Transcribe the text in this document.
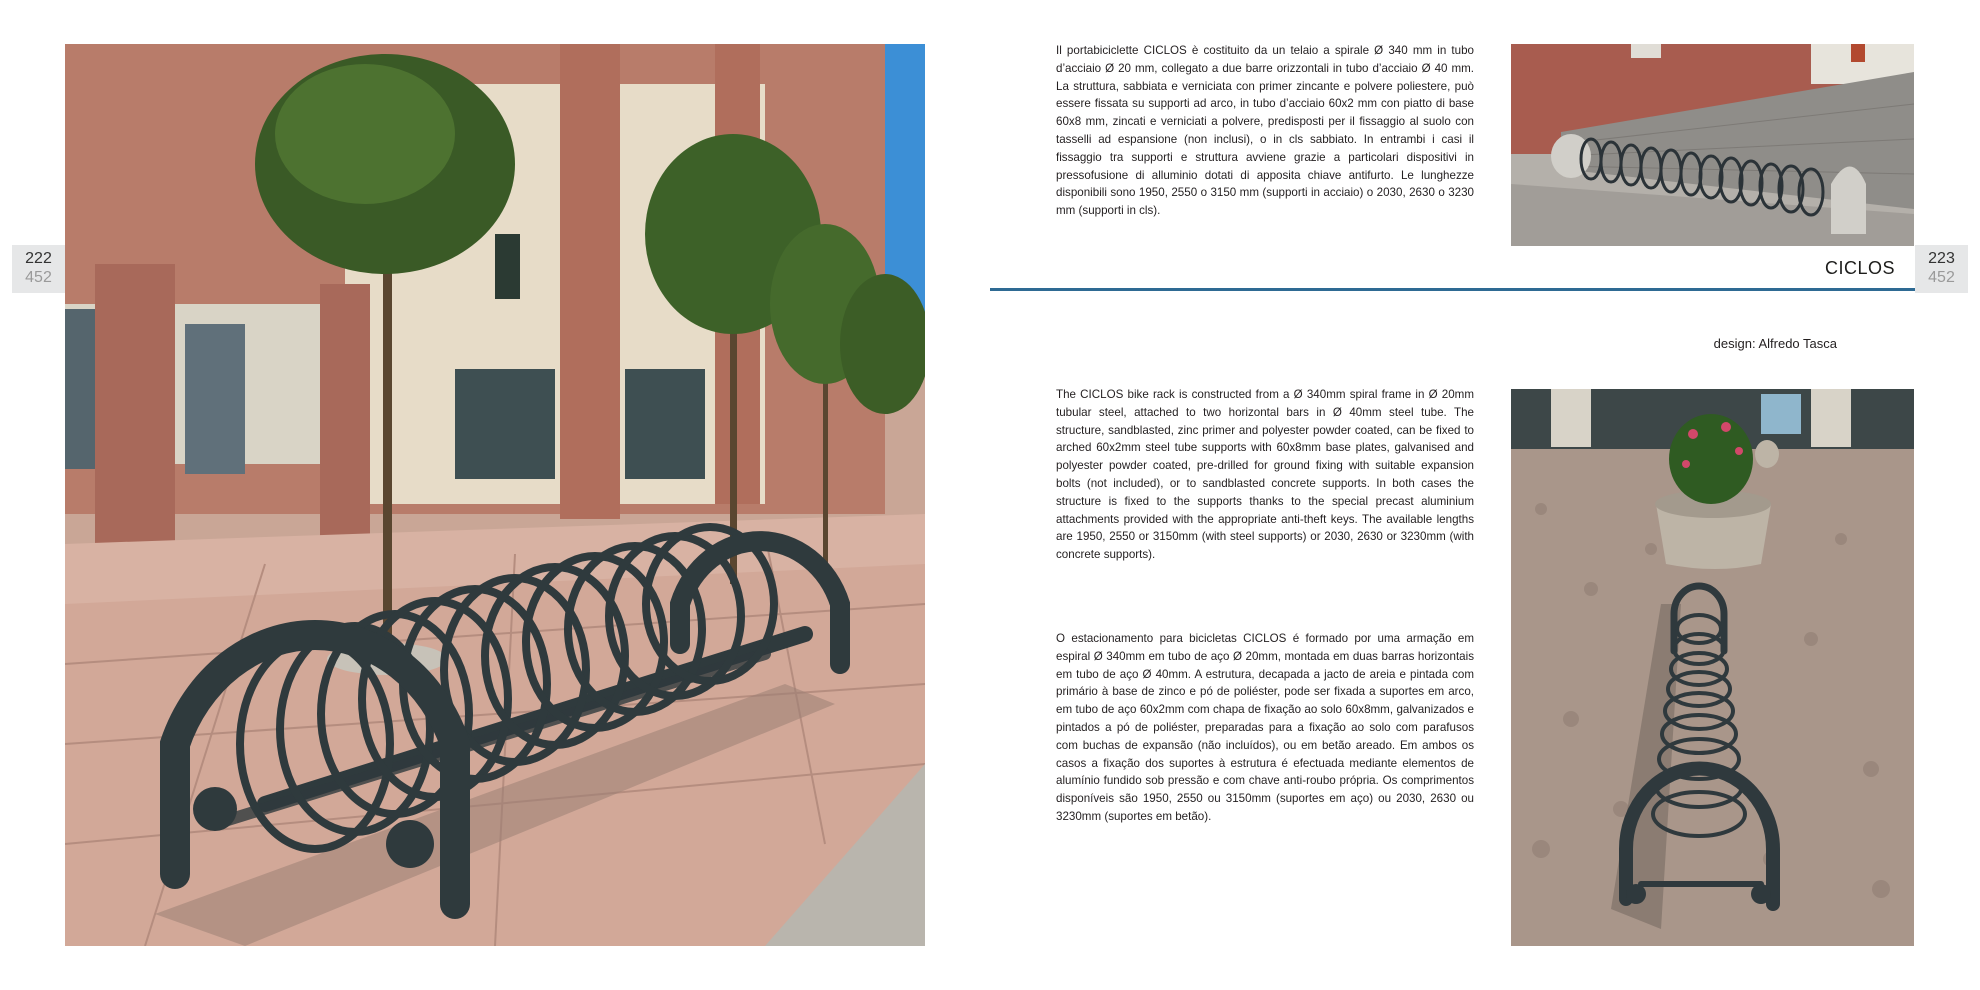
222
452
223
452
Il portabiciclette CICLOS è costituito da un telaio a spirale Ø 340 mm in tubo d’acciaio Ø 20 mm, collegato a due barre orizzontali in tubo d’acciaio Ø 40 mm. La struttura, sabbiata e verniciata con primer zincante e polvere poliestere, può essere fissata su supporti ad arco, in tubo d’acciaio 60x2 mm con piatto di base 60x8 mm, zincati e verniciati a polvere, predisposti per il fissaggio al suolo con tasselli ad espansione (non inclusi), o in cls sabbiato. In entrambi i casi il fissaggio tra supporti e struttura avviene grazie a particolari dispositivi in pressofusione di alluminio dotati di apposita chiave antifurto. Le lunghezze disponibili sono 1950, 2550 o 3150 mm (supporti in acciaio) o 2030, 2630 o 3230 mm (supporti in cls).
The CICLOS bike rack is constructed from a Ø 340mm spiral frame in Ø 20mm tubular steel, attached to two horizontal bars in Ø 40mm steel tube. The structure, sandblasted, zinc primer and polyester powder coated, can be fixed to arched 60x2mm steel tube supports with 60x8mm base plates, galvanised and polyester powder coated, pre-drilled for ground fixing with suitable expansion bolts (not included), or to sandblasted concrete supports. In both cases the structure is fixed to the supports thanks to the special precast aluminium attachments provided with the appropriate anti-theft keys. The available lengths are 1950, 2550 or 3150mm (with steel supports) or 2030, 2630 or 3230mm (with concrete supports).
O estacionamento para bicicletas CICLOS é formado por uma armação em espiral Ø 340mm em tubo de aço Ø 20mm, montada em duas barras horizontais em tubo de aço Ø 40mm. A estrutura, decapada a jacto de areia e pintada com primário à base de zinco e pó de poliéster, pode ser fixada a suportes em arco, em tubo de aço 60x2mm com chapa de fixação ao solo 60x8mm, galvanizados e pintados a pó de poliéster, preparadas para a fixação ao solo com parafusos com buchas de expansão (não incluídos), ou em betão areado. Em ambos os casos a fixação dos suportes à estrutura é efectuada mediante elementos de alumínio fundido sob pressão e com chave anti-roubo própria. Os comprimentos disponíveis são 1950, 2550 ou 3150mm (suportes em aço) ou 2030, 2630 ou 3230mm (suportes em betão).
CICLOS
design: Alfredo Tasca
